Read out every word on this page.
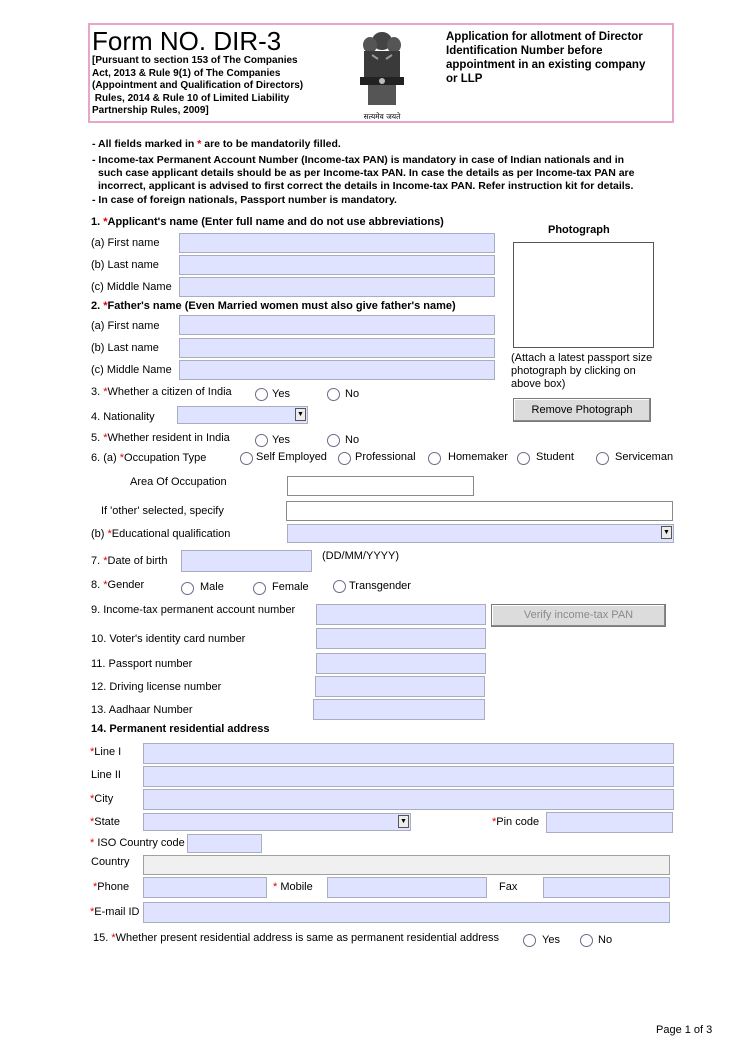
Form NO. DIR-3
[Pursuant to section 153 of The Companies
Act, 2013 & Rule 9(1) of The Companies
(Appointment and Qualification of Directors)
Rules, 2014 & Rule 10 of Limited Liability
Partnership Rules, 2009]
सत्यमेव जयते
Application for allotment of Director
Identification Number before
appointment in an existing company
or LLP
- All fields marked in * are to be mandatorily filled.
- Income-tax Permanent Account Number (Income-tax PAN) is mandatory in case of Indian nationals and in
such case applicant details should be as per Income-tax PAN. In case the details as per Income-tax PAN are
incorrect, applicant is advised to first correct the details in Income-tax PAN. Refer instruction kit for details.
- In case of foreign nationals, Passport number is mandatory.
1. *Applicant's name (Enter full name and do not use abbreviations)
(a) First name
(b) Last name
(c) Middle Name
Photograph
(Attach a latest passport size
photograph by clicking on
above box)
Remove Photograph
2. *Father's name (Even Married women must also give father's name)
(a) First name
(b) Last name
(c) Middle Name
3. *Whether a citizen of India	Yes	No
4. Nationality	▼
5. *Whether resident in India	Yes	No
6. (a) *Occupation Type	Self Employed	Professional	Homemaker	Student	Serviceman
Area Of Occupation
If 'other' selected, specify
(b) *Educational qualification	▼
7. *Date of birth	(DD/MM/YYYY)
8. *Gender	Male	Female	Transgender
9. Income-tax permanent account number	Verify income-tax PAN
10. Voter's identity card number
11. Passport number
12. Driving license number
13. Aadhaar Number
14. Permanent residential address
*Line I
Line II
*City
*State	▼	*Pin code
* ISO Country code
Country
*Phone	* Mobile	Fax
*E-mail ID
15. *Whether present residential address is same as permanent residential address	Yes	No
Page 1 of 3
